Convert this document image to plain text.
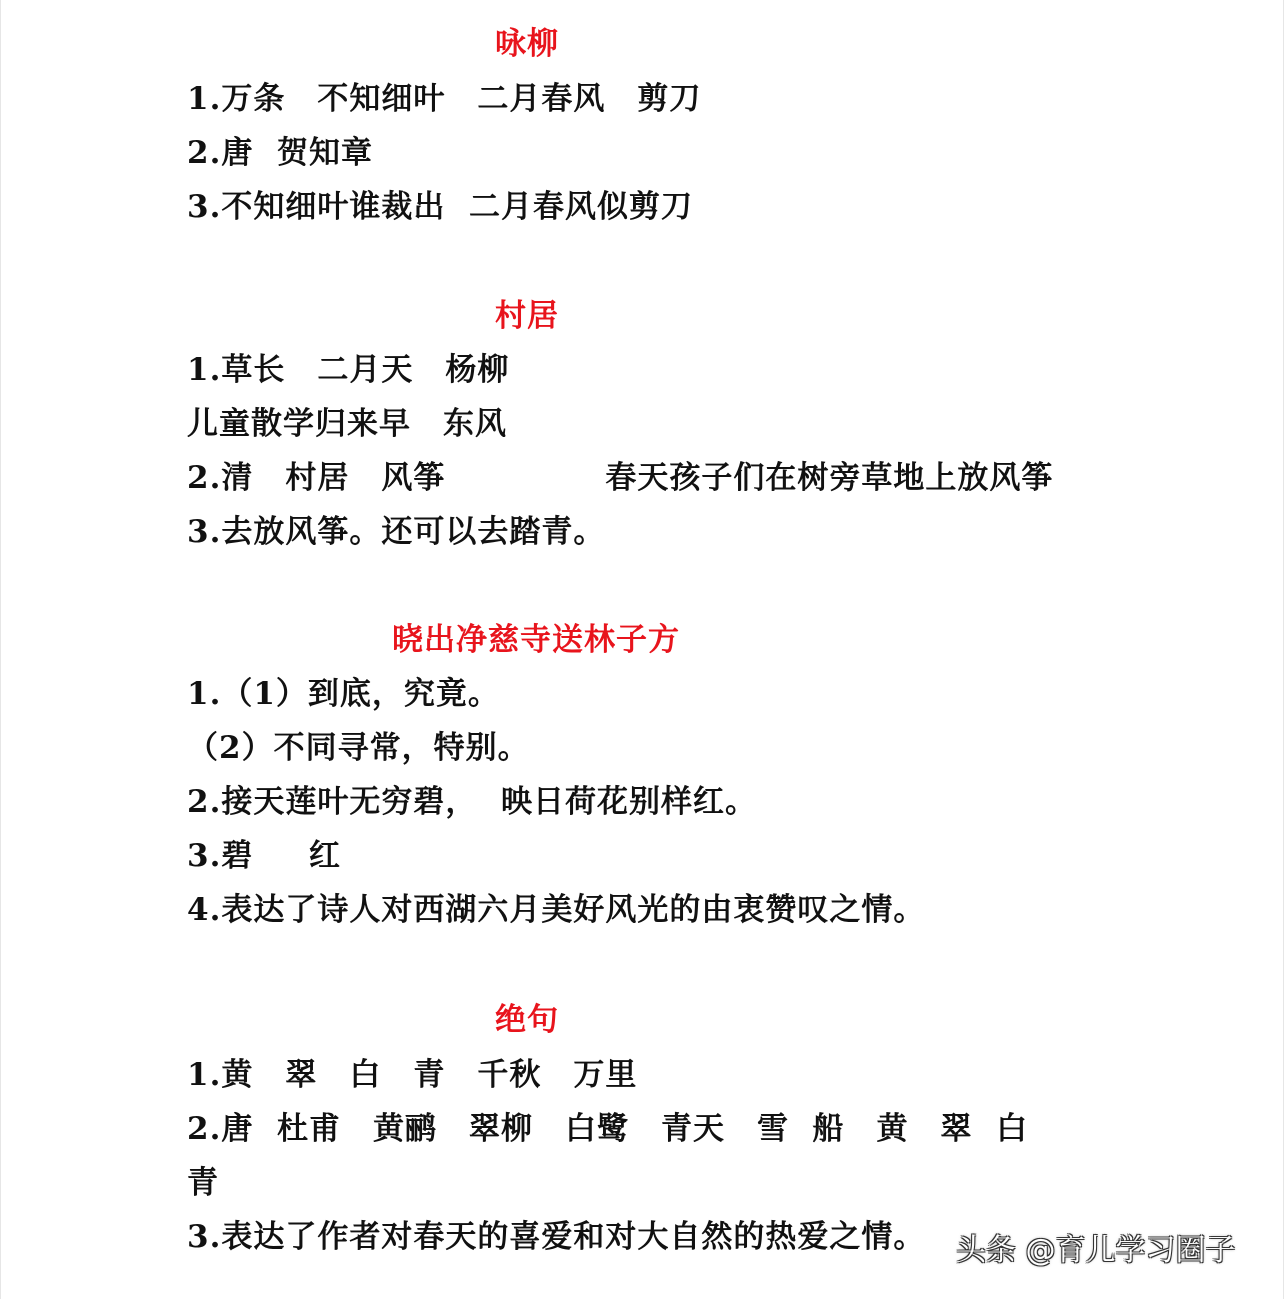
咏柳
1.万条　不知细叶　二月春风　剪刀
2.唐  贺知章
3.不知细叶谁裁出  二月春风似剪刀
村居
1.草长　二月天　杨柳
儿童散学归来早　东风
2.清　村居　风筝　　　　　春天孩子们在树旁草地上放风筝
3.去放风筝。还可以去踏青。
晓出净慈寺送林子方
1.（1）到底，究竟。
（2）不同寻常，特别。
2.接天莲叶无穷碧，  映日荷花别样红。
3.碧　  红
4.表达了诗人对西湖六月美好风光的由衷赞叹之情。
绝句
1.黄　翠　白　青　千秋　万里
2.唐  杜甫　黄鹂　翠柳　白鹭　青天　雪  船　黄　翠  白
青
3.表达了作者对春天的喜爱和对大自然的热爱之情。 头条 @育儿学习圈子
